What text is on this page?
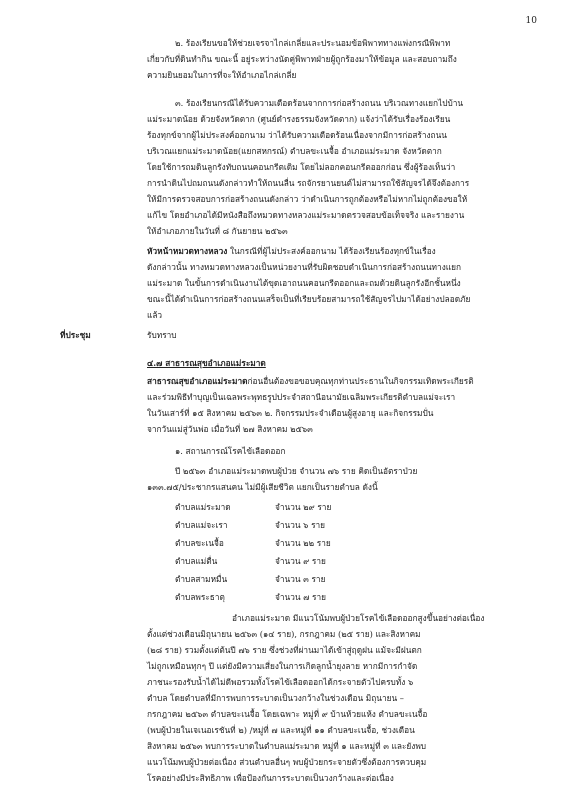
10
๒. ร้องเรียนขอให้ช่วยเจรจาไกล่เกลี่ยและประนอมข้อพิพาททางแพ่งกรณีพิพาท
เกี่ยวกับที่ดินทำกิน ขณะนี้ อยู่ระหว่างนัดคู่พิพาทฝ่ายผู้ถูกร้องมาให้ข้อมูล และสอบถามถึง
ความยินยอมในการที่จะให้อำเภอไกล่เกลี่ย
๓. ร้องเรียนกรณีได้รับความเดือดร้อนจากการก่อสร้างถนน บริเวณทางแยกไปบ้าน
แม่ระมาดน้อย ด้วยจังหวัดตาก (ศูนย์ดำรงธรรมจังหวัดตาก) แจ้งว่าได้รับเรื่องร้องเรียน
ร้องทุกข์จากผู้ไม่ประสงค์ออกนาม ว่าได้รับความเดือดร้อนเนื่องจากมีการก่อสร้างถนน
บริเวณแยกแม่ระมาดน้อย(แยกสหกรณ์) ตำบลขะเนจื้อ อำเภอแม่ระมาด จังหวัดตาก
โดยใช้การถมดินลูกรังทับถนนคอนกรีตเดิม โดยไม่ลอกคอนกรีตออกก่อน ซึ่งผู้ร้องเห็นว่า
การนำดินไปถมถนนดังกล่าวทำให้ถนนลื่น รถจักรยานยนต์ไม่สามารถใช้สัญจรได้จึงต้องการ
ให้มีการตรวจสอบการก่อสร้างถนนดังกล่าว ว่าดำเนินการถูกต้องหรือไม่หากไม่ถูกต้องขอให้
แก้ไข โดยอำเภอได้มีหนังสือถึงหมวดทางหลวงแม่ระมาดตรวจสอบข้อเท็จจริง และรายงาน
ให้อำเภอภายในวันที่ ๘ กันยายน ๒๕๖๓
หัวหน้าหมวดทางหลวง ในกรณีที่ผู้ไม่ประสงค์ออกนาม ได้ร้องเรียนร้องทุกข์ในเรื่อง
ดังกล่าวนั้น ทางหมวดทางหลวงเป็นหน่วยงานที่รับผิดชอบดำเนินการก่อสร้างถนนทางแยก
แม่ระมาด ในขั้นการดำเนินงานได้ขุดเอาถนนคอนกรีตออกและถมด้วยดินลูกรังอีกชั้นหนึ่ง
ขณะนี้ได้ดำเนินการก่อสร้างถนนเสร็จเป็นที่เรียบร้อยสามารถใช้สัญจรไปมาได้อย่างปลอดภัย
แล้ว
ที่ประชุม	รับทราบ
๔.๗ สาธารณสุขอำเภอแม่ระมาด
สาธารณสุขอำเภอแม่ระมาดก่อนอื่นต้องขอขอบคุณทุกท่านประธานในกิจกรรมเทิดพระเกียรติ
และร่วมพิธีทำบุญเป็นเฉลพระพุทธรูปประจำสถานีอนามัยเฉลิมพระเกียรติตำบลแม่จะเรา
ในวันเสาร์ที่ ๑๕ สิงหาคม ๒๕๖๓ ๒. กิจกรรมประจำเดือนผู้สูงอายุ และกิจกรรมปั่น
จากวันแม่สู่วันพ่อ เมื่อวันที่ ๒๗ สิงหาคม ๒๕๖๓
๑. สถานการณ์โรคไข้เลือดออก
ปี ๒๕๖๓ อำเภอแม่ระมาดพบผู้ป่วย จำนวน ๗๖ ราย คิดเป็นอัตราป่วย
๑๓๓.๗๕/ประชากรแสนคน ไม่มีผู้เสียชีวิต แยกเป็นรายตำบล ดังนี้
ตำบลแม่ระมาด	จำนวน ๒๙ ราย
ตำบลแม่จะเรา	จำนวน ๖ ราย
ตำบลขะเนจื้อ	จำนวน ๒๒ ราย
ตำบลแม่ตื่น	จำนวน ๙ ราย
ตำบลสามหมื่น	จำนวน ๓ ราย
ตำบลพระธาตุ	จำนวน ๗ ราย
อำเภอแม่ระมาด มีแนวโน้มพบผู้ป่วยโรคไข้เลือดออกสูงขึ้นอย่างต่อเนื่อง
ตั้งแต่ช่วงเดือนมิถุนายน ๒๕๖๓ (๑๔ ราย), กรกฎาคม (๒๕ ราย) และสิงหาคม
(๒๘ ราย) รวมตั้งแต่ต้นปี ๗๖ ราย ซึ่งช่วงที่ผ่านมาได้เข้าสู่ฤดูฝน แม้จะมีฝนตก
ไม่ถูกเหมือนทุกๆ ปี แต่ยังมีความเสี่ยงในการเกิดลูกน้ำยุงลาย หากมีการกำจัด
ภาชนะรองรับน้ำได้ไม่ดีพอรวมทั้งโรคไข้เลือดออกได้กระจายตัวไปครบทั้ง ๖
ตำบล โดยตำบลที่มีการพบการระบาดเป็นวงกว้างในช่วงเดือน มิถุนายน –
กรกฎาคม ๒๕๖๓ ตำบลขะเนจื้อ โดยเฉพาะ หมู่ที่ ๙ บ้านห้วยแห้ง ตำบลขะเนจื้อ
(พบผู้ป่วยในเจเนอเรชันที่ ๒) /หมู่ที่ ๗ และหมู่ที่ ๑๑ ตำบลขะเนจื้อ, ช่วงเดือน
สิงหาคม ๒๕๖๓ พบการระบาดในตำบลแม่ระมาด หมู่ที่ ๑ และหมู่ที่ ๓ และยังพบ
แนวโน้มพบผู้ป่วยต่อเนื่อง ส่วนตำบลอื่นๆ พบผู้ป่วยกระจายตัวซึ่งต้องการควบคุม
โรคอย่างมีประสิทธิภาพ เพื่อป้องกันการระบาดเป็นวงกว้างและต่อเนื่อง
